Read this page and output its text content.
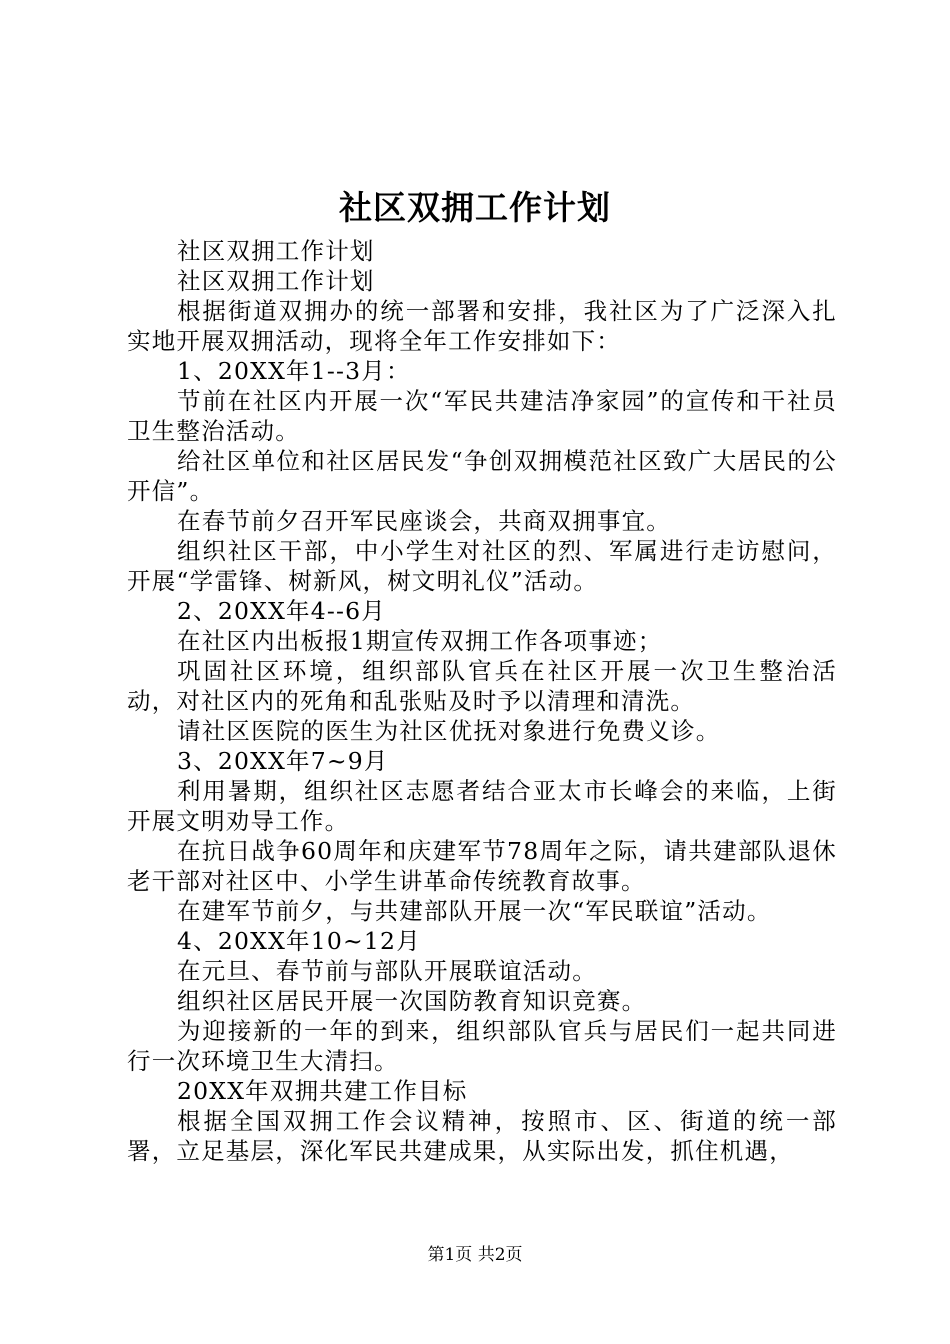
社区双拥工作计划

社区双拥工作计划

社区双拥工作计划

根据街道双拥办的统一部署和安排，我社区为了广泛深入扎实地开展双拥活动，现将全年工作安排如下：

1、20XX年1--3月：

节前在社区内开展一次“军民共建洁净家园”的宣传和干社员卫生整治活动。

给社区单位和社区居民发“争创双拥模范社区致广大居民的公开信”。

在春节前夕召开军民座谈会，共商双拥事宜。

组织社区干部，中小学生对社区的烈、军属进行走访慰问，开展“学雷锋、树新风，树文明礼仪”活动。

2、20XX年4--6月

在社区内出板报1期宣传双拥工作各项事迹；

巩固社区环境，组织部队官兵在社区开展一次卫生整治活动，对社区内的死角和乱张贴及时予以清理和清洗。

请社区医院的医生为社区优抚对象进行免费义诊。

3、20XX年7~9月

利用暑期，组织社区志愿者结合亚太市长峰会的来临，上街开展文明劝导工作。

在抗日战争60周年和庆建军节78周年之际，请共建部队退休老干部对社区中、小学生讲革命传统教育故事。

在建军节前夕，与共建部队开展一次“军民联谊”活动。

4、20XX年10~12月

在元旦、春节前与部队开展联谊活动。

组织社区居民开展一次国防教育知识竞赛。

为迎接新的一年的到来，组织部队官兵与居民们一起共同进行一次环境卫生大清扫。

20XX年双拥共建工作目标

根据全国双拥工作会议精神，按照市、区、街道的统一部署，立足基层，深化军民共建成果，从实际出发，抓住机遇，

第1页 共2页
